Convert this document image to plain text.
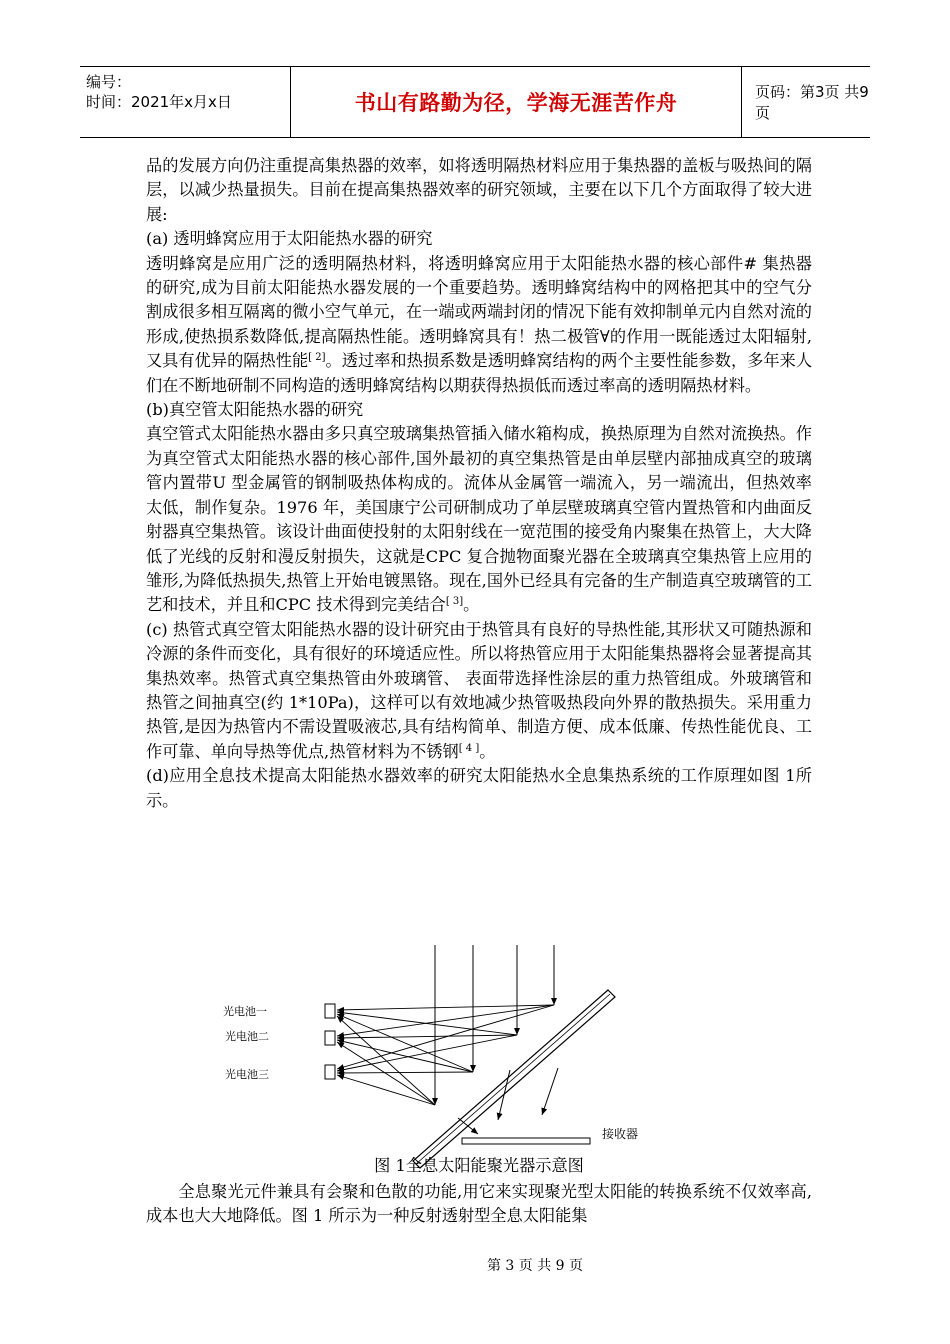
编号：
时间：2021年x月x日	书山有路勤为径，学海无涯苦作舟	页码：第3页 共9页

品的发展方向仍注重提高集热器的效率，如将透明隔热材料应用于集热器的盖板与吸热间的隔层，以减少热量损失。目前在提高集热器效率的研究领域，主要在以下几个方面取得了较大进展:

(a) 透明蜂窝应用于太阳能热水器的研究

透明蜂窝是应用广泛的透明隔热材料，将透明蜂窝应用于太阳能热水器的核心部件# 集热器的研究,成为目前太阳能热水器发展的一个重要趋势。透明蜂窝结构中的网格把其中的空气分割成很多相互隔离的微小空气单元，在一端或两端封闭的情况下能有效抑制单元内自然对流的形成,使热损系数降低,提高隔热性能。透明蜂窝具有！热二极管∀的作用一既能透过太阳辐射,又具有优异的隔热性能[ 2]。透过率和热损系数是透明蜂窝结构的两个主要性能参数，多年来人们在不断地研制不同构造的透明蜂窝结构以期获得热损低而透过率高的透明隔热材料。

(b)真空管太阳能热水器的研究

真空管式太阳能热水器由多只真空玻璃集热管插入储水箱构成，换热原理为自然对流换热。作为真空管式太阳能热水器的核心部件,国外最初的真空集热管是由单层壁内部抽成真空的玻璃管内置带U 型金属管的钢制吸热体构成的。流体从金属管一端流入，另一端流出，但热效率太低，制作复杂。1976 年，美国康宁公司研制成功了单层壁玻璃真空管内置热管和内曲面反射器真空集热管。该设计曲面使投射的太阳射线在一宽范围的接受角内聚集在热管上，大大降低了光线的反射和漫反射损失，这就是CPC 复合抛物面聚光器在全玻璃真空集热管上应用的雏形,为降低热损失,热管上开始电镀黑铬。现在,国外已经具有完备的生产制造真空玻璃管的工艺和技术，并且和CPC 技术得到完美结合[ 3]。

(c) 热管式真空管太阳能热水器的设计研究由于热管具有良好的导热性能,其形状又可随热源和冷源的条件而变化，具有很好的环境适应性。所以将热管应用于太阳能集热器将会显著提高其集热效率。热管式真空集热管由外玻璃管、 表面带选择性涂层的重力热管组成。外玻璃管和热管之间抽真空(约 1*10Pa)，这样可以有效地减少热管吸热段向外界的散热损失。采用重力热管,是因为热管内不需设置吸液芯,具有结构简单、制造方便、成本低廉、传热性能优良、工作可靠、单向导热等优点,热管材料为不锈钢[ 4 ]。

(d)应用全息技术提高太阳能热水器效率的研究太阳能热水全息集热系统的工作原理如图 1所示。

光电池一
光电池二
光电池三
接收器
图 1全息太阳能聚光器示意图

全息聚光元件兼具有会聚和色散的功能,用它来实现聚光型太阳能的转换系统不仅效率高,成本也大大地降低。图 1 所示为一种反射透射型全息太阳能集

第 3 页 共 9 页
